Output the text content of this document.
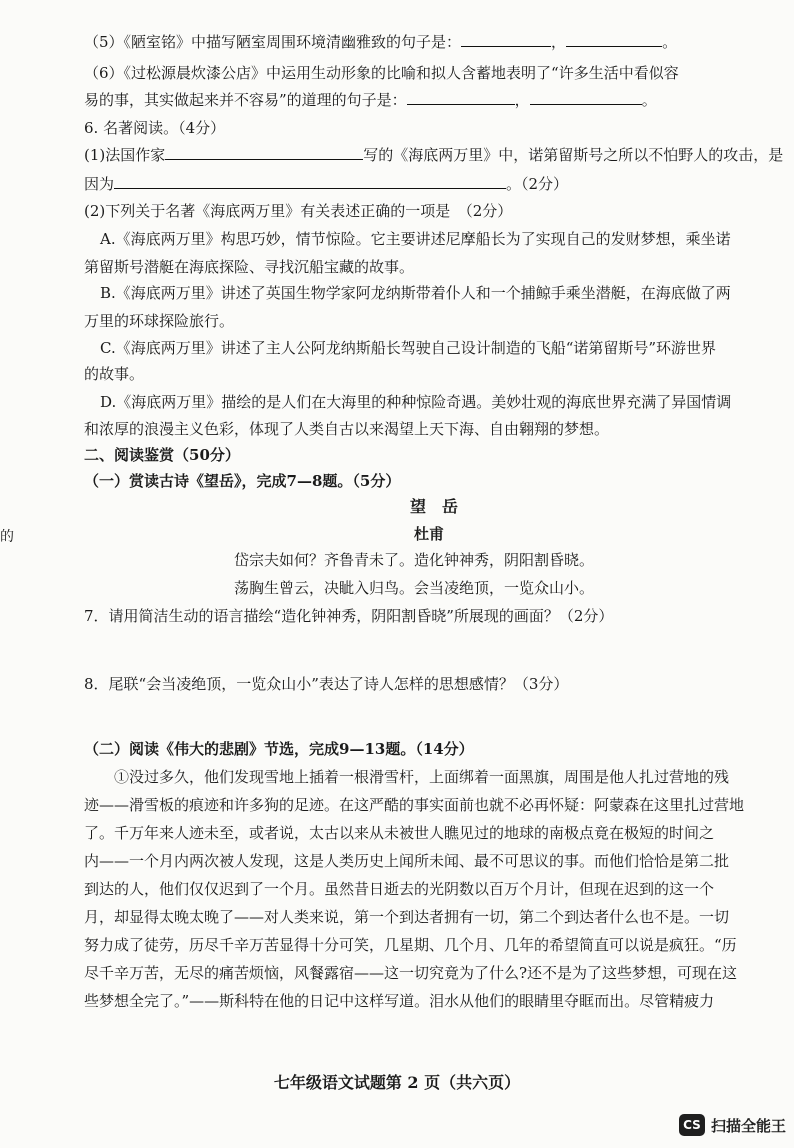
（5）《陋室铭》中描写陋室周围环境清幽雅致的句子是：	，	。
（6）《过松源晨炊漆公店》中运用生动形象的比喻和拟人含蓄地表明了“许多生活中看似容
易的事，其实做起来并不容易”的道理的句子是：	，	。
6. 名著阅读。（4分）
(1)法国作家	写的《海底两万里》中，诺第留斯号之所以不怕野人的攻击，是
因为	。（2分）
(2)下列关于名著《海底两万里》有关表述正确的一项是　（2分）
A.《海底两万里》构思巧妙，情节惊险。它主要讲述尼摩船长为了实现自己的发财梦想，乘坐诺
第留斯号潜艇在海底探险、寻找沉船宝藏的故事。
B.《海底两万里》讲述了英国生物学家阿龙纳斯带着仆人和一个捕鲸手乘坐潜艇，在海底做了两
万里的环球探险旅行。
C.《海底两万里》讲述了主人公阿龙纳斯船长驾驶自己设计制造的飞船“诺第留斯号”环游世界
的故事。
D.《海底两万里》描绘的是人们在大海里的种种惊险奇遇。美妙壮观的海底世界充满了异国情调
和浓厚的浪漫主义色彩，体现了人类自古以来渴望上天下海、自由翱翔的梦想。
二、阅读鉴赏（50分）
（一）赏读古诗《望岳》，完成7—8题。（5分）
望　岳
杜甫
岱宗夫如何？齐鲁青未了。造化钟神秀，阴阳割昏晓。
荡胸生曾云，决眦入归鸟。会当凌绝顶，一览众山小。
的
7．请用简洁生动的语言描绘“造化钟神秀，阴阳割昏晓”所展现的画面？（2分）
8．尾联“会当凌绝顶，一览众山小”表达了诗人怎样的思想感情？（3分）
（二）阅读《伟大的悲剧》节选，完成9—13题。（14分）
　　①没过多久，他们发现雪地上插着一根滑雪杆，上面绑着一面黑旗，周围是他人扎过营地的残
迹——滑雪板的痕迹和许多狗的足迹。在这严酷的事实面前也就不必再怀疑：阿蒙森在这里扎过营地
了。千万年来人迹未至，或者说，太古以来从未被世人瞧见过的地球的南极点竟在极短的时间之
内——一个月内两次被人发现，这是人类历史上闻所未闻、最不可思议的事。而他们恰恰是第二批
到达的人，他们仅仅迟到了一个月。虽然昔日逝去的光阴数以百万个月计，但现在迟到的这一个
月，却显得太晚太晚了——对人类来说，第一个到达者拥有一切，第二个到达者什么也不是。一切
努力成了徒劳，历尽千辛万苦显得十分可笑，几星期、几个月、几年的希望简直可以说是疯狂。“历
尽千辛万苦，无尽的痛苦烦恼，风餐露宿——这一切究竟为了什么?还不是为了这些梦想，可现在这
些梦想全完了。”——斯科特在他的日记中这样写道。泪水从他们的眼睛里夺眶而出。尽管精疲力
七年级语文试题第 2 页（共六页）
CS 扫描全能王
